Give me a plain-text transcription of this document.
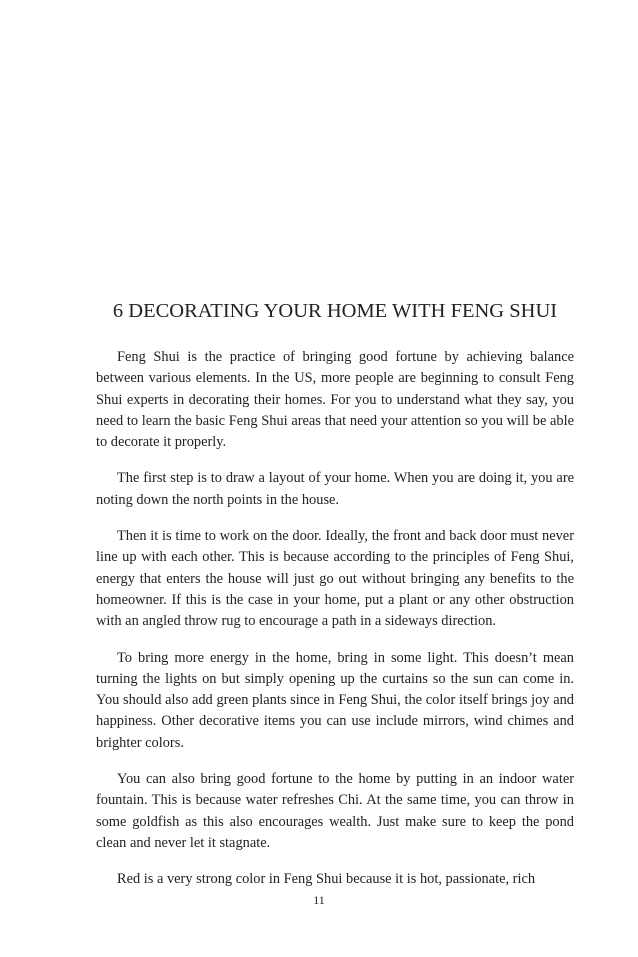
6 DECORATING YOUR HOME WITH FENG SHUI

Feng Shui is the practice of bringing good fortune by achieving balance between various elements. In the US, more people are beginning to consult Feng Shui experts in decorating their homes. For you to understand what they say, you need to learn the basic Feng Shui areas that need your attention so you will be able to decorate it properly.

The first step is to draw a layout of your home. When you are doing it, you are noting down the north points in the house.

Then it is time to work on the door. Ideally, the front and back door must never line up with each other. This is because according to the principles of Feng Shui, energy that enters the house will just go out without bringing any benefits to the homeowner. If this is the case in your home, put a plant or any other obstruction with an angled throw rug to encourage a path in a sideways direction.

To bring more energy in the home, bring in some light. This doesn’t mean turning the lights on but simply opening up the curtains so the sun can come in. You should also add green plants since in Feng Shui, the color itself brings joy and happiness. Other decorative items you can use include mirrors, wind chimes and brighter colors.

You can also bring good fortune to the home by putting in an indoor water fountain. This is because water refreshes Chi. At the same time, you can throw in some goldfish as this also encourages wealth. Just make sure to keep the pond clean and never let it stagnate.

Red is a very strong color in Feng Shui because it is hot, passionate, rich

11
